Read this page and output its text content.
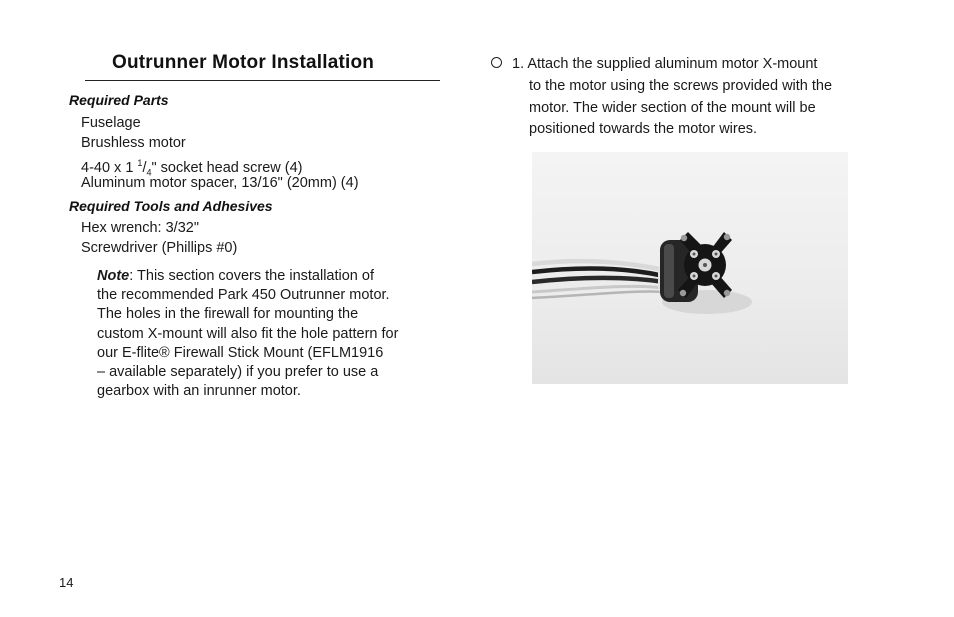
Outrunner Motor Installation
Required Parts
Fuselage
Brushless motor
4-40 x 1 $^1/_4$" socket head screw (4)
Aluminum motor spacer, 13/16" (20mm) (4)
Required Tools and Adhesives
Hex wrench: 3/32"
Screwdriver (Phillips #0)

Note: This section covers the installation of
the recommended Park 450 Outrunner motor.
The holes in the firewall for mounting the
custom X-mount will also fit the hole pattern for
our E-flite® Firewall Stick Mount (EFLM1916
– available separately) if you prefer to use a
gearbox with an inrunner motor.

1. Attach the supplied aluminum motor X-mount
to the motor using the screws provided with the
motor. The wider section of the mount will be
positioned towards the motor wires.

14
